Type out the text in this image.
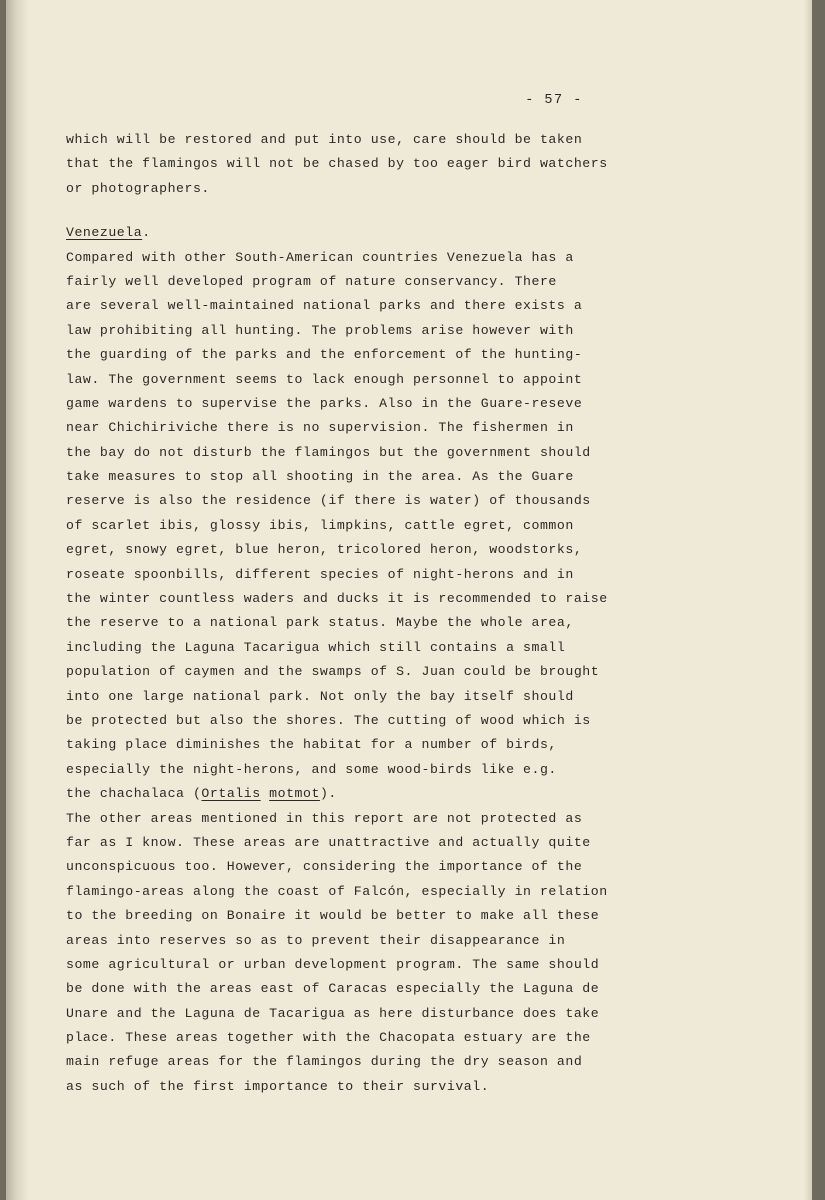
- 57 -
which will be restored and put into use, care should be taken
that the flamingos will not be chased by too eager bird watchers
or photographers.
Venezuela.
Compared with other South-American countries Venezuela has a
fairly well developed program of nature conservancy. There
are several well-maintained national parks and there exists a
law prohibiting all hunting. The problems arise however with
the guarding of the parks and the enforcement of the hunting-
law. The government seems to lack enough personnel to appoint
game wardens to supervise the parks. Also in the Guare-reseve
near Chichiriviche there is no supervision. The fishermen in
the bay do not disturb the flamingos but the government should
take measures to stop all shooting in the area. As the Guare
reserve is also the residence (if there is water) of thousands
of scarlet ibis, glossy ibis, limpkins, cattle egret, common
egret, snowy egret, blue heron, tricolored heron, woodstorks,
roseate spoonbills, different species of night-herons and in
the winter countless waders and ducks it is recommended to raise
the reserve to a national park status. Maybe the whole area,
including the Laguna Tacarigua which still contains a small
population of caymen and the swamps of S. Juan could be brought
into one large national park. Not only the bay itself should
be protected but also the shores. The cutting of wood which is
taking place diminishes the habitat for a number of birds,
especially the night-herons, and some wood-birds like e.g.
the chachalaca (Ortalis motmot).
The other areas mentioned in this report are not protected as
far as I know. These areas are unattractive and actually quite
unconspicuous too. However, considering the importance of the
flamingo-areas along the coast of Falcón, especially in relation
to the breeding on Bonaire it would be better to make all these
areas into reserves so as to prevent their disappearance in
some agricultural or urban development program. The same should
be done with the areas east of Caracas especially the Laguna de
Unare and the Laguna de Tacarigua as here disturbance does take
place. These areas together with the Chacopata estuary are the
main refuge areas for the flamingos during the dry season and
as such of the first importance to their survival.
